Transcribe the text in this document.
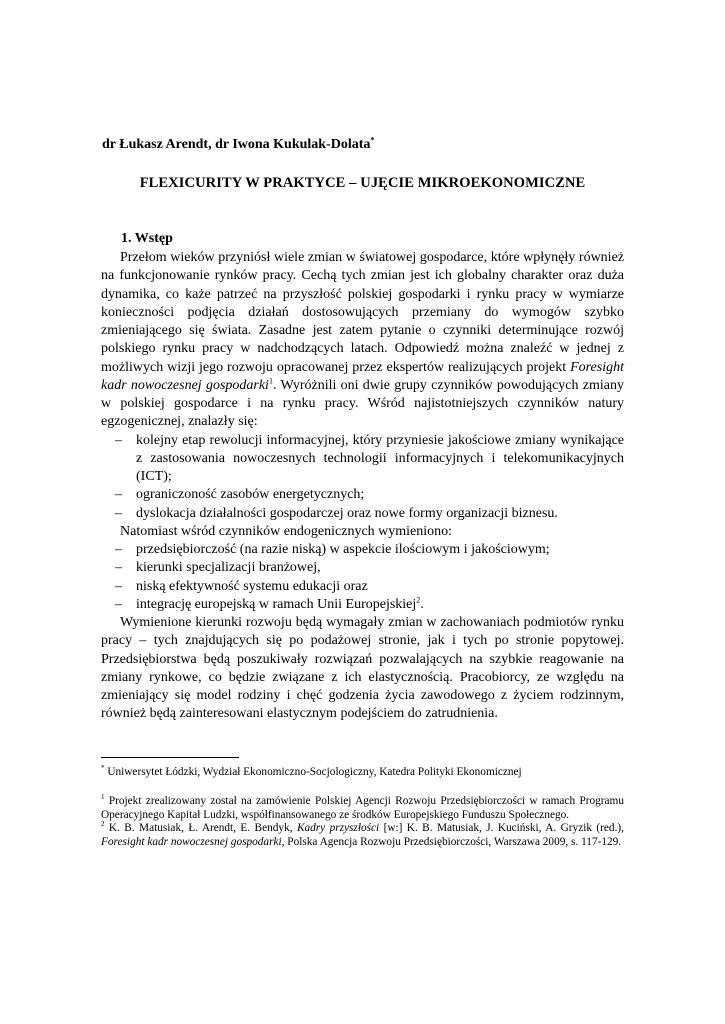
dr Łukasz Arendt, dr Iwona Kukulak-Dolata*
FLEXICURITY W PRAKTYCE – UJĘCIE MIKROEKONOMICZNE
1. Wstęp

Przełom wieków przyniósł wiele zmian w światowej gospodarce, które wpłynęły również na funkcjonowanie rynków pracy. Cechą tych zmian jest ich globalny charakter oraz duża dynamika, co każe patrzeć na przyszłość polskiej gospodarki i rynku pracy w wymiarze konieczności podjęcia działań dostosowujących przemiany do wymogów szybko zmieniającego się świata. Zasadne jest zatem pytanie o czynniki determinujące rozwój polskiego rynku pracy w nadchodzących latach. Odpowiedź można znaleźć w jednej z możliwych wizji jego rozwoju opracowanej przez ekspertów realizujących projekt Foresight kadr nowoczesnej gospodarki$^1$. Wyróżnili oni dwie grupy czynników powodujących zmiany w polskiej gospodarce i na rynku pracy. Wśród najistotniejszych czynników natury egzogenicznej, znalazły się:

– kolejny etap rewolucji informacyjnej, który przyniesie jakościowe zmiany wynikające z zastosowania nowoczesnych technologii informacyjnych i telekomunikacyjnych (ICT);
– ograniczoność zasobów energetycznych;
– dyslokacja działalności gospodarczej oraz nowe formy organizacji biznesu.

Natomiast wśród czynników endogenicznych wymieniono:

– przedsiębiorczość (na razie niską) w aspekcie ilościowym i jakościowym;
– kierunki specjalizacji branżowej,
– niską efektywność systemu edukacji oraz
– integrację europejską w ramach Unii Europejskiej$^2$.

Wymienione kierunki rozwoju będą wymagały zmian w zachowaniach podmiotów rynku pracy – tych znajdujących się po podażowej stronie, jak i tych po stronie popytowej. Przedsiębiorstwa będą poszukiwały rozwiązań pozwalających na szybkie reagowanie na zmiany rynkowe, co będzie związane z ich elastycznością. Pracobiorcy, ze względu na zmieniający się model rodziny i chęć godzenia życia zawodowego z życiem rodzinnym, również będą zainteresowani elastycznym podejściem do zatrudnienia.

* Uniwersytet Łódzki, Wydział Ekonomiczno-Socjologiczny, Katedra Polityki Ekonomicznej

$^1$ Projekt zrealizowany został na zamówienie Polskiej Agencji Rozwoju Przedsiębiorczości w ramach Programu Operacyjnego Kapitał Ludzki, współfinansowanego ze środków Europejskiego Funduszu Społecznego.

$^2$ K. B. Matusiak, Ł. Arendt, E. Bendyk, Kadry przyszłości [w:] K. B. Matusiak, J. Kuciński, A. Gryzik (red.), Foresight kadr nowoczesnej gospodarki, Polska Agencja Rozwoju Przedsiębiorczości, Warszawa 2009, s. 117-129.
